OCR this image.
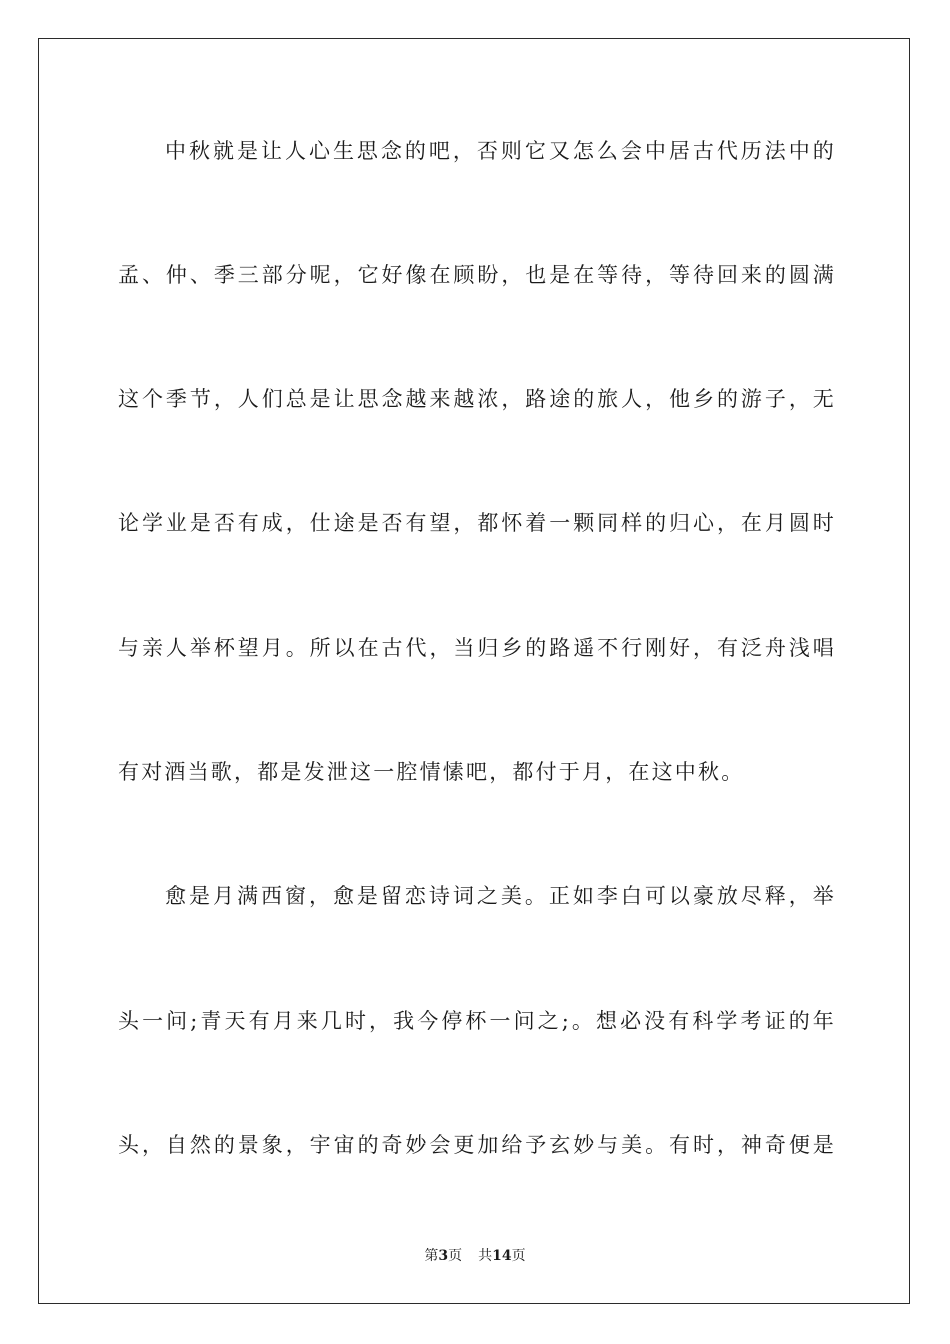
中秋就是让人心生思念的吧，否则它又怎么会中居古代历法中的
孟、仲、季三部分呢，它好像在顾盼，也是在等待，等待回来的圆满
这个季节，人们总是让思念越来越浓，路途的旅人，他乡的游子，无
论学业是否有成，仕途是否有望，都怀着一颗同样的归心，在月圆时
与亲人举杯望月。所以在古代，当归乡的路遥不行刚好，有泛舟浅唱
有对酒当歌，都是发泄这一腔情愫吧，都付于月，在这中秋。
愈是月满西窗，愈是留恋诗词之美。正如李白可以豪放尽释，举
头一问;青天有月来几时，我今停杯一问之;。想必没有科学考证的年
头，自然的景象，宇宙的奇妙会更加给予玄妙与美。有时，神奇便是
第3页 共14页
